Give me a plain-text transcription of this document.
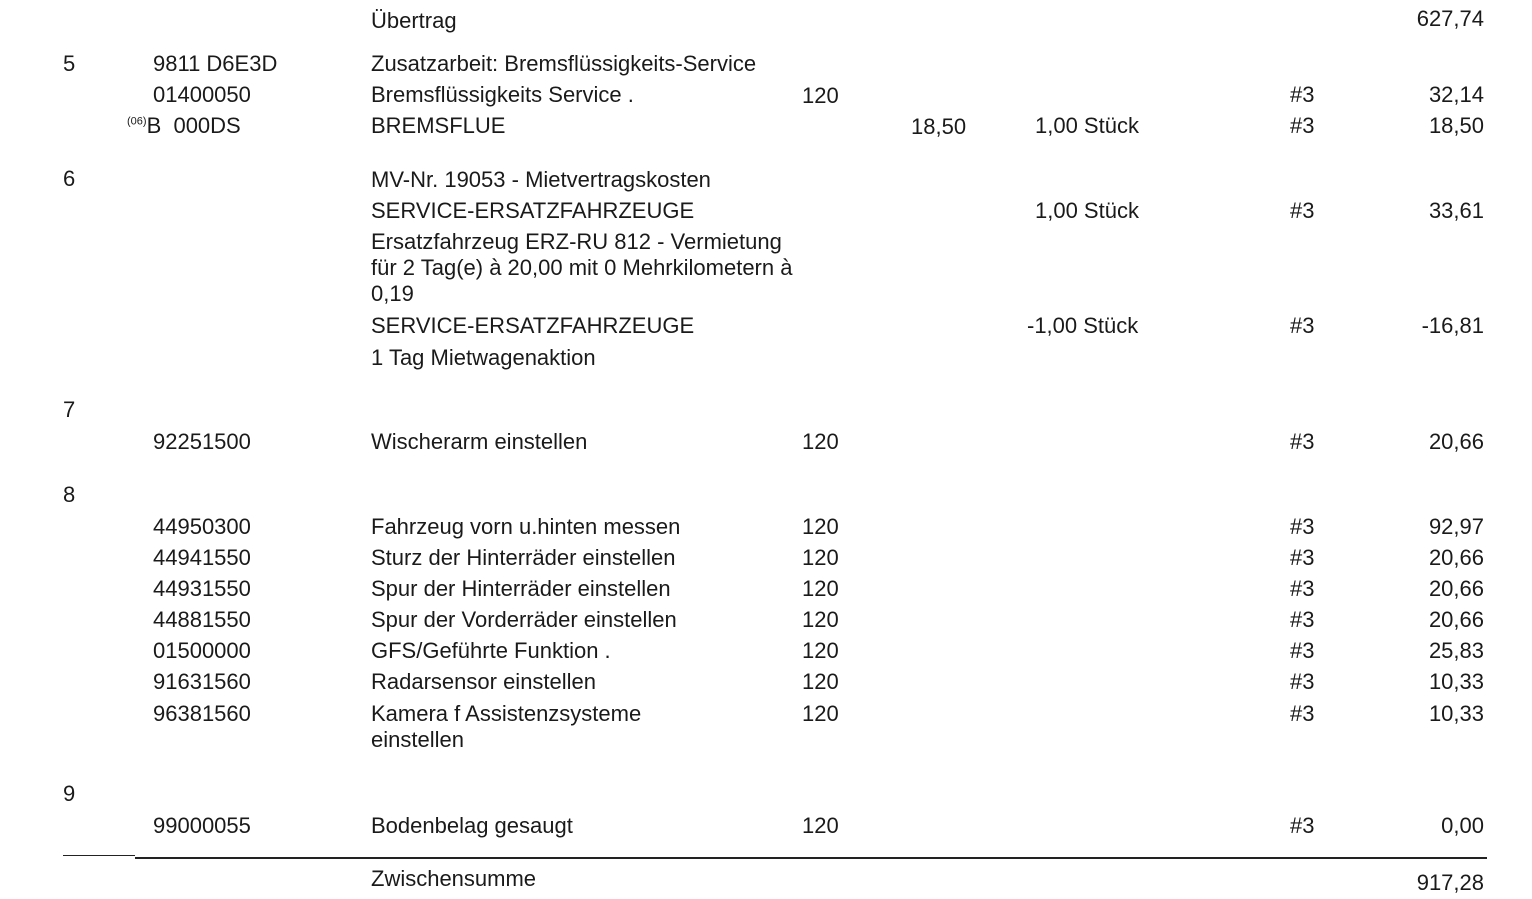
Übertrag	627,74
5	9811 D6E3D	Zusatzarbeit: Bremsflüssigkeits-Service
01400050	Bremsflüssigkeits Service .	120	#3	32,14
$^{(06)}$B  000DS	BREMSFLUE	18,50	1,00 Stück	#3	18,50
6	MV-Nr. 19053 - Mietvertragskosten
SERVICE-ERSATZFAHRZEUGE	1,00 Stück	#3	33,61
Ersatzfahrzeug ERZ-RU 812 - Vermietung
für 2 Tag(e) à 20,00 mit 0 Mehrkilometern à
0,19
SERVICE-ERSATZFAHRZEUGE	-1,00 Stück	#3	-16,81
1 Tag Mietwagenaktion
7
92251500	Wischerarm einstellen	120	#3	20,66
8
44950300	Fahrzeug vorn u.hinten messen	120	#3	92,97
44941550	Sturz der Hinterräder einstellen	120	#3	20,66
44931550	Spur der Hinterräder einstellen	120	#3	20,66
44881550	Spur der Vorderräder einstellen	120	#3	20,66
01500000	GFS/Geführte Funktion .	120	#3	25,83
91631560	Radarsensor einstellen	120	#3	10,33
96381560	Kamera f Assistenzsysteme	120	#3	10,33
einstellen
9
99000055	Bodenbelag gesaugt	120	#3	0,00
Zwischensumme	917,28
